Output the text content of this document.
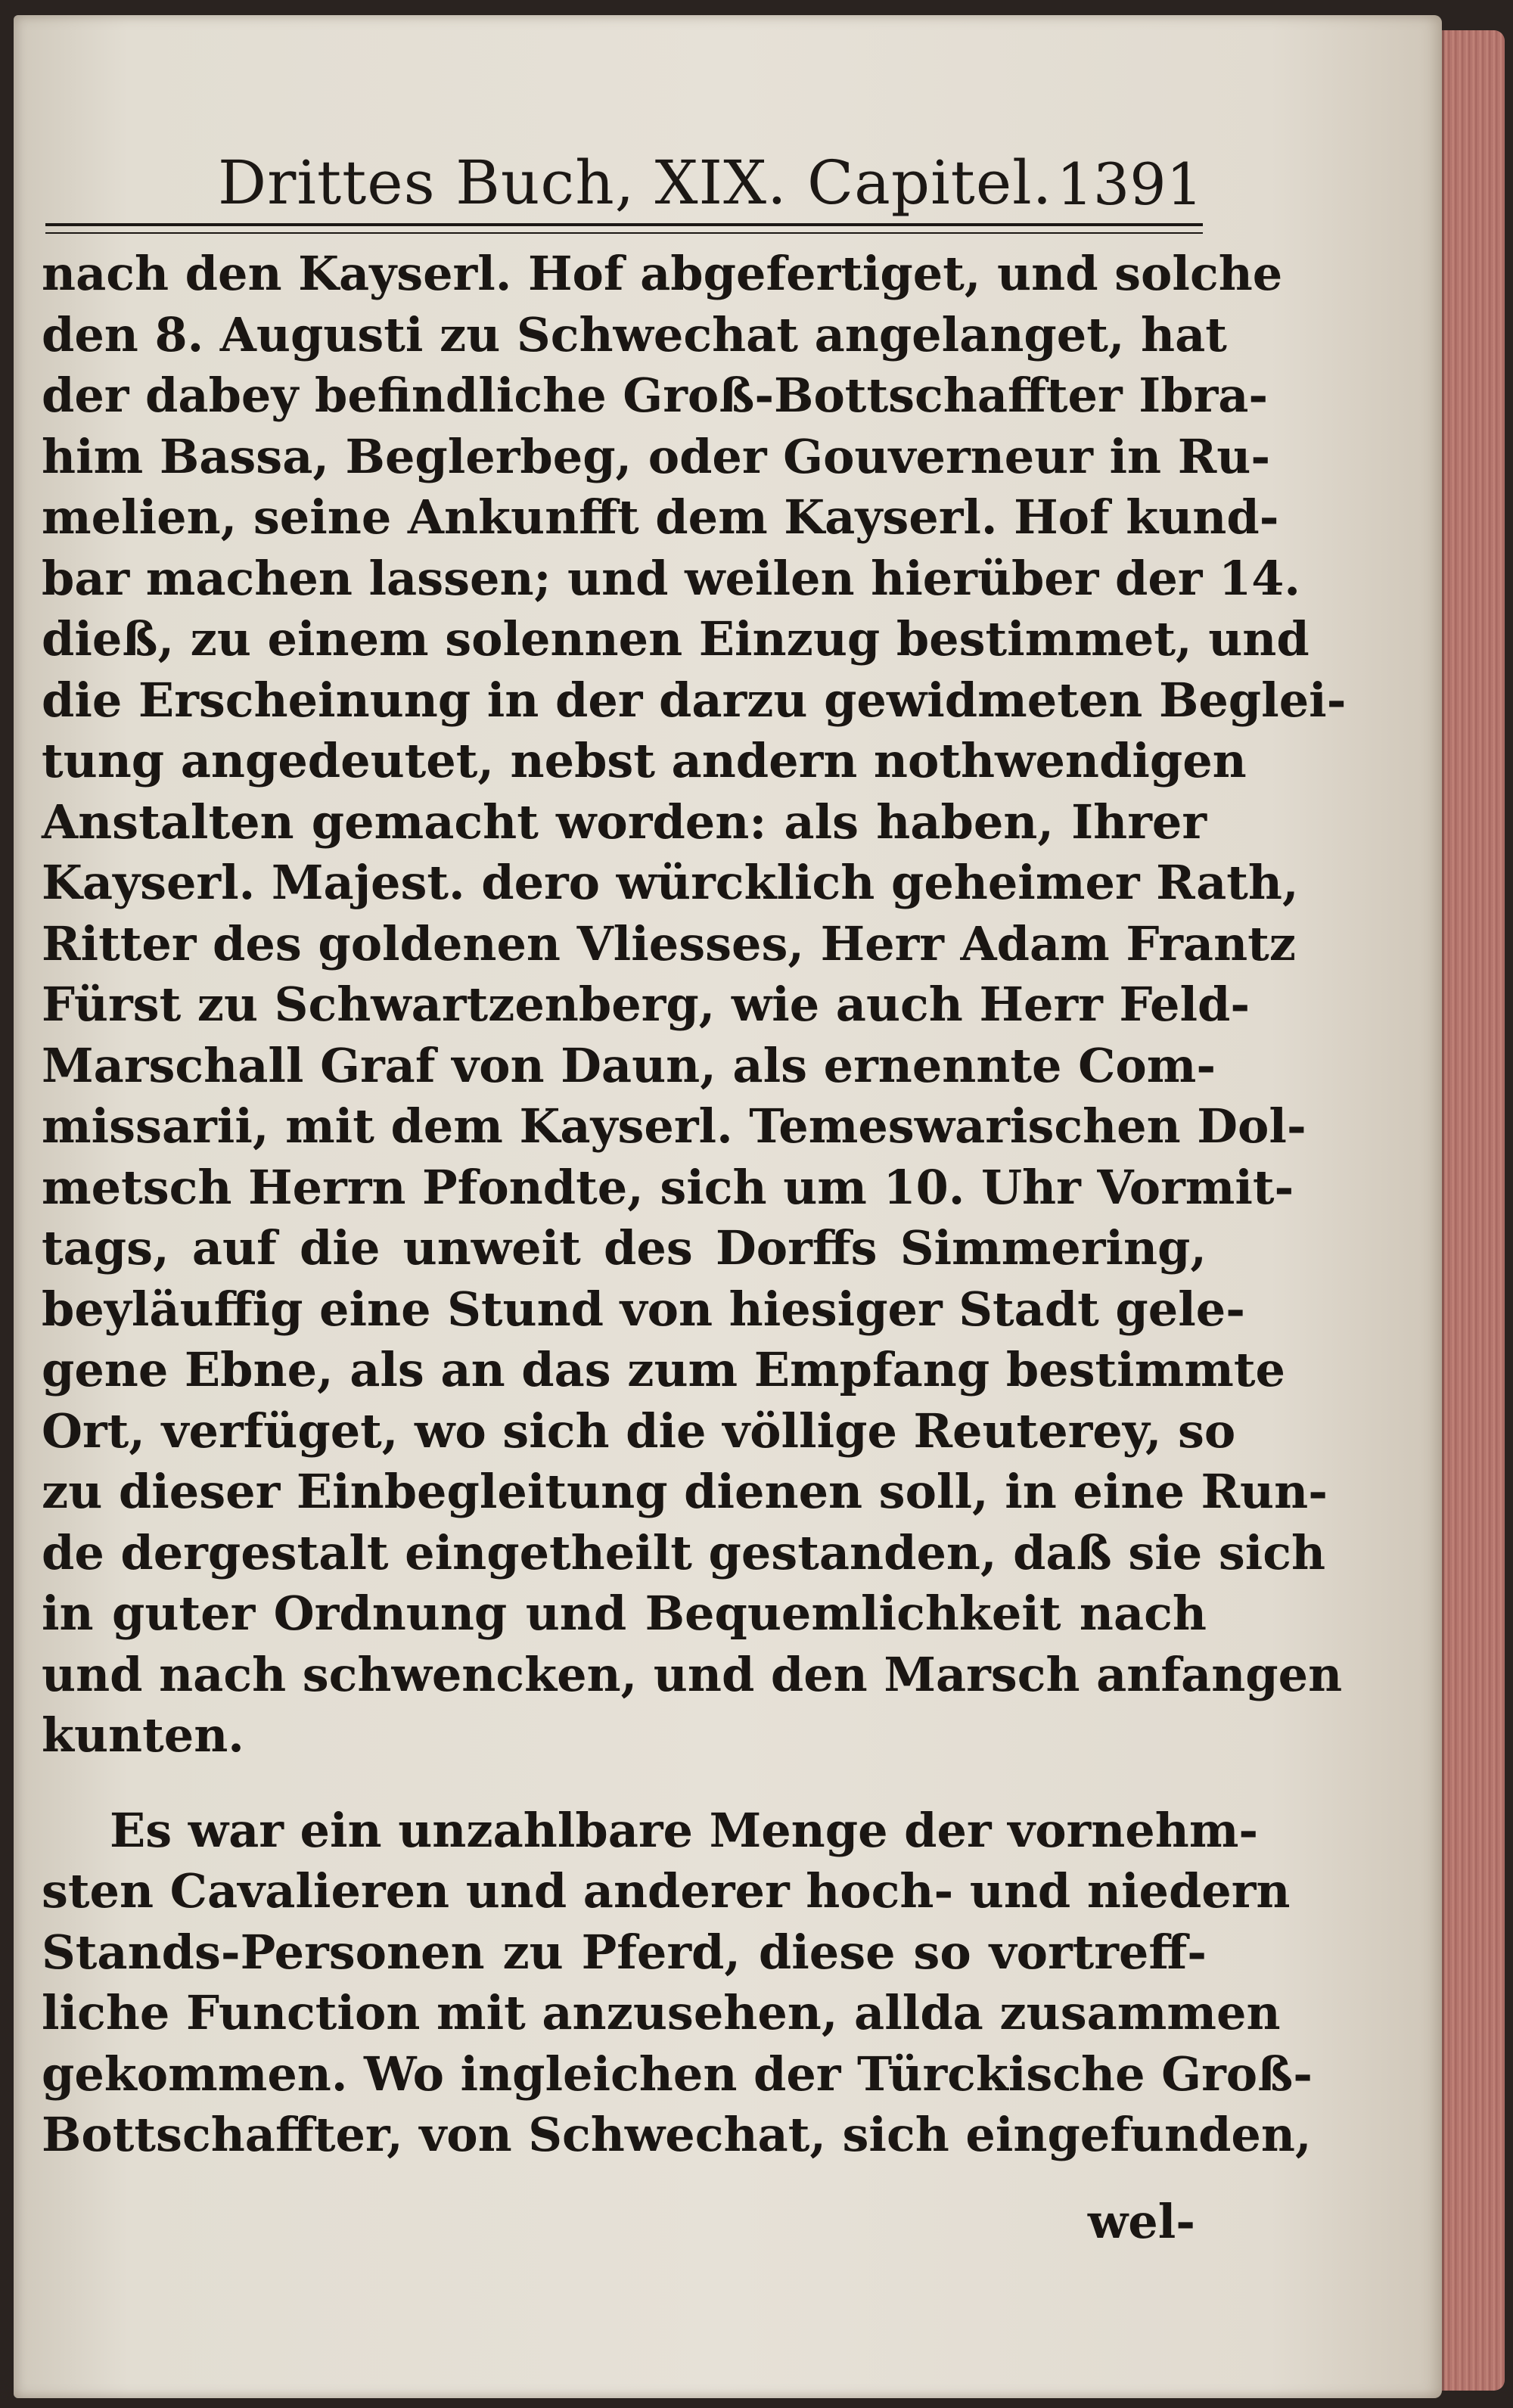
Drittes Buch, XIX. Capitel. 1391
nach den Kayserl. Hof abgefertiget, und solche
den 8. Augusti zu Schwechat angelanget, hat
der dabey befindliche Groß-Bottschaffter Ibra-
him Bassa, Beglerbeg, oder Gouverneur in Ru-
melien, seine Ankunfft dem Kayserl. Hof kund-
bar machen lassen; und weilen hierüber der 14.
dieß, zu einem solennen Einzug bestimmet, und
die Erscheinung in der darzu gewidmeten Beglei-
tung angedeutet, nebst andern nothwendigen
Anstalten gemacht worden: als haben, Ihrer
Kayserl. Majest. dero würcklich geheimer Rath,
Ritter des goldenen Vliesses, Herr Adam Frantz
Fürst zu Schwartzenberg, wie auch Herr Feld-
Marschall Graf von Daun, als ernennte Com-
missarii, mit dem Kayserl. Temeswarischen Dol-
metsch Herrn Pfondte, sich um 10. Uhr Vormit-
tags, auf die unweit des Dorffs Simmering,
beyläuffig eine Stund von hiesiger Stadt gele-
gene Ebne, als an das zum Empfang bestimmte
Ort, verfüget, wo sich die völlige Reuterey, so
zu dieser Einbegleitung dienen soll, in eine Run-
de dergestalt eingetheilt gestanden, daß sie sich
in guter Ordnung und Bequemlichkeit nach
und nach schwencken, und den Marsch anfangen
kunten.
Es war ein unzahlbare Menge der vornehm-
sten Cavalieren und anderer hoch- und niedern
Stands-Personen zu Pferd, diese so vortreff-
liche Function mit anzusehen, allda zusammen
gekommen. Wo ingleichen der Türckische Groß-
Bottschaffter, von Schwechat, sich eingefunden,
wel-
